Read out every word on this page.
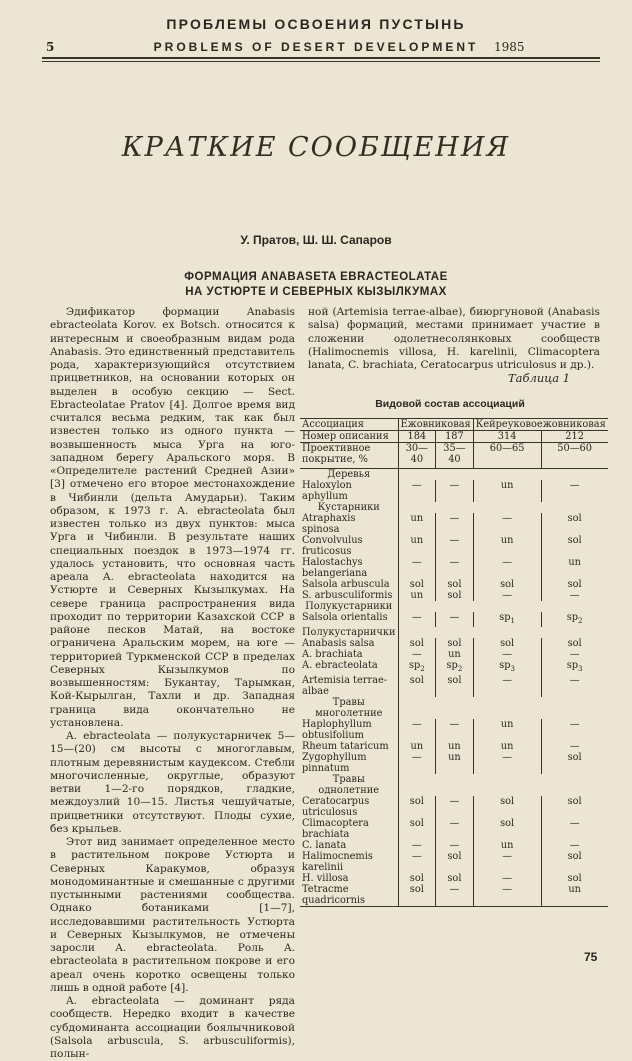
ПРОБЛЕМЫ ОСВОЕНИЯ ПУСТЫНЬ
5	PROBLEMS OF DESERT DEVELOPMENT	1985
КРАТКИЕ СООБЩЕНИЯ
У. Пратов, Ш. Ш. Сапаров
ФОРМАЦИЯ ANABASETA EBRACTEOLATAE
НА УСТЮРТЕ И СЕВЕРНЫХ КЫЗЫЛКУМАХ

Эдификатор формации Anabasis ebracteolata Korov. ex Botsch. относится к интересным и своеобразным видам рода Anabasis. Это единственный представитель рода, характеризующийся отсутствием прицветников, на основании которых он выделен в особую секцию — Sect. Ebracteolatae Pratov [4]. Долгое время вид считался весьма редким, так как был известен только из одного пункта — возвышенность мыса Урга на юго-западном берегу Аральского моря. В «Определителе растений Средней Азии» [3] отмечено его второе местонахождение в Чибинли (дельта Амударьи). Таким образом, к 1973 г. A. ebracteolata был известен только из двух пунктов: мыса Урга и Чибинли. В результате наших специальных поездок в 1973—1974 гг. удалось установить, что основная часть ареала A. ebracteolata находится на Устюрте и Северных Кызылкумах. На севере граница распространения вида проходит по территории Казахской ССР в районе песков Матай, на востоке ограничена Аральским морем, на юге — территорией Туркменской ССР в пределах Северных Кызылкумов по возвышенностям: Букантау, Тарымкан, Кой-Кырылган, Тахли и др. Западная граница вида окончательно не установлена.

A. ebracteolata — полукустарничек 5—15—(20) см высоты с многоглавым, плотным деревянистым каудексом. Стебли многочисленные, округлые, образуют ветви 1—2-го порядков, гладкие, междоузлий 10—15. Листья чешуйчатые, прицветники отсутствуют. Плоды сухие, без крыльев.

Этот вид занимает определенное место в растительном покрове Устюрта и Северных Каракумов, образуя монодоминантные и смешанные с другими пустынными растениями сообщества. Однако ботаниками [1—7], исследовавшими растительность Устюрта и Северных Кызылкумов, не отмечены заросли A. ebracteolata. Роль A. ebracteolata в растительном покрове и его ареал очень коротко освещены только лишь в одной работе [4].

A. ebracteolata — доминант ряда сообществ. Нередко входит в качестве субдоминанта ассоциации боялычниковой (Salsola arbuscula, S. arbusculiformis), полын-

ной (Artemisia terrae-albae), биюргуновой (Anabasis salsa) формаций, местами принимает участие в сложении одолетнесолянковых сообществ (Halimocnemis villosa, H. karelinii, Climacoptera lanata, C. brachiata, Ceratocarpus utriculosus и др.).

Таблица 1
Видовой состав ассоциаций
Ассоциация	Ежовниковая		Кейреуковоежовниковая	

Номер описания	184	187	314	212
Проективное покрытие, %	30—40	35—40	60—65	50—60
Деревья				
Haloxylon aphyllum	—	—	un	—
Кустарники				
Atraphaxis spinosa	un	—	—	sol
Convolvulus fruticosus	un	—	un	sol
Halostachys belangeriana	—	—	—	un
Salsola arbuscula	sol	sol	sol	sol
S. arbusculiformis	un	sol	—	—
Полукустарники				
Salsola orientalis	—	—	$sp_1$	$sp_2$
Полукустарнички				
Anabasis salsa	sol	sol	sol	sol
A. brachiata	—	un	—	—
A. ebracteolata	$sp_2$	$sp_2$	$sp_3$	$sp_3$
Artemisia terrae-albae	sol	sol	—	—
Травы многолетние				
Haplophyllum obtusifolium	—	—	un	—
Rheum tataricum	un	un	un	—
Zygophyllum pinnatum	—	un	—	sol
Травы однолетние				
Ceratocarpus utriculosus	sol	—	sol	sol
Climacoptera brachiata	sol	—	sol	—
C. lanata	—	—	un	—
Halimocnemis karelinii	—	sol	—	sol
H. villosa	sol	sol	—	sol
Tetracme quadricornis	sol	—	—	un
75
